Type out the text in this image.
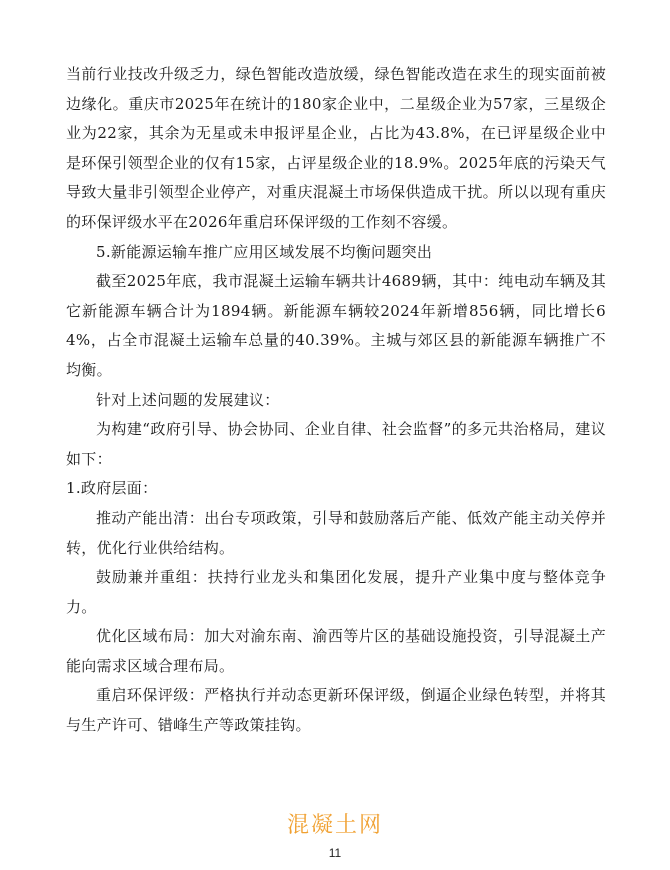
当前行业技改升级乏力，绿色智能改造放缓，绿色智能改造在求生的现实面前被边缘化。重庆市2025年在统计的180家企业中，二星级企业为57家，三星级企业为22家，其余为无星或未申报评星企业，占比为43.8%，在已评星级企业中是环保引领型企业的仅有15家，占评星级企业的18.9%。2025年底的污染天气导致大量非引领型企业停产，对重庆混凝土市场保供造成干扰。所以以现有重庆的环保评级水平在2026年重启环保评级的工作刻不容缓。

5.新能源运输车推广应用区域发展不均衡问题突出

截至2025年底，我市混凝土运输车辆共计4689辆，其中：纯电动车辆及其它新能源车辆合计为1894辆。新能源车辆较2024年新增856辆，同比增长64%，占全市混凝土运输车总量的40.39%。主城与郊区县的新能源车辆推广不均衡。

针对上述问题的发展建议：

为构建“政府引导、协会协同、企业自律、社会监督”的多元共治格局，建议如下：

1.政府层面：

推动产能出清：出台专项政策，引导和鼓励落后产能、低效产能主动关停并转，优化行业供给结构。

鼓励兼并重组：扶持行业龙头和集团化发展，提升产业集中度与整体竞争力。

优化区域布局：加大对渝东南、渝西等片区的基础设施投资，引导混凝土产能向需求区域合理布局。

重启环保评级：严格执行并动态更新环保评级，倒逼企业绿色转型，并将其与生产许可、错峰生产等政策挂钩。

混凝土网
11
